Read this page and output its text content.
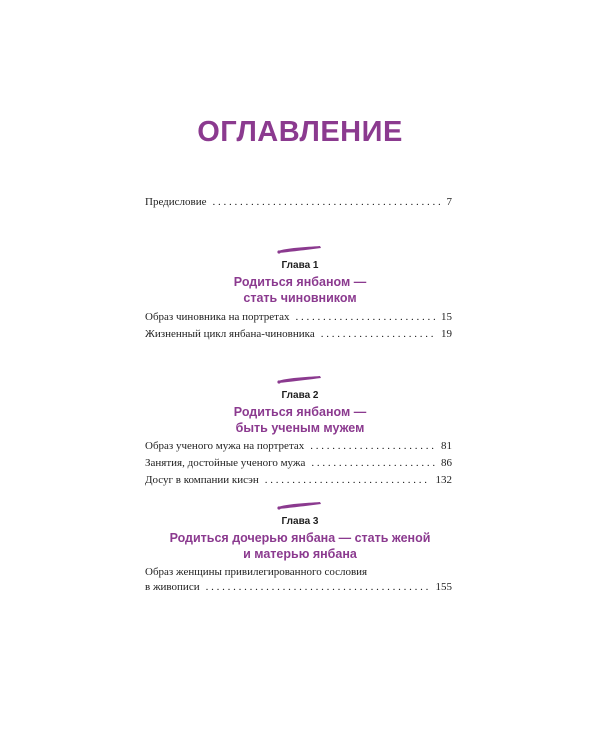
ОГЛАВЛЕНИЕ
Предисловие . . .	7
Глава 1
Родиться янбаном —
стать чиновником
Образ чиновника на портретах . . .	15
Жизненный цикл янбана-чиновника . . .	19
Глава 2
Родиться янбаном —
быть ученым мужем
Образ ученого мужа на портретах . . .	81
Занятия, достойные ученого мужа . . .	86
Досуг в компании кисэн . . .	132
Глава 3
Родиться дочерью янбана — стать женой
и матерью янбана
Образ женщины привилегированного сословия
в живописи . . .	155
